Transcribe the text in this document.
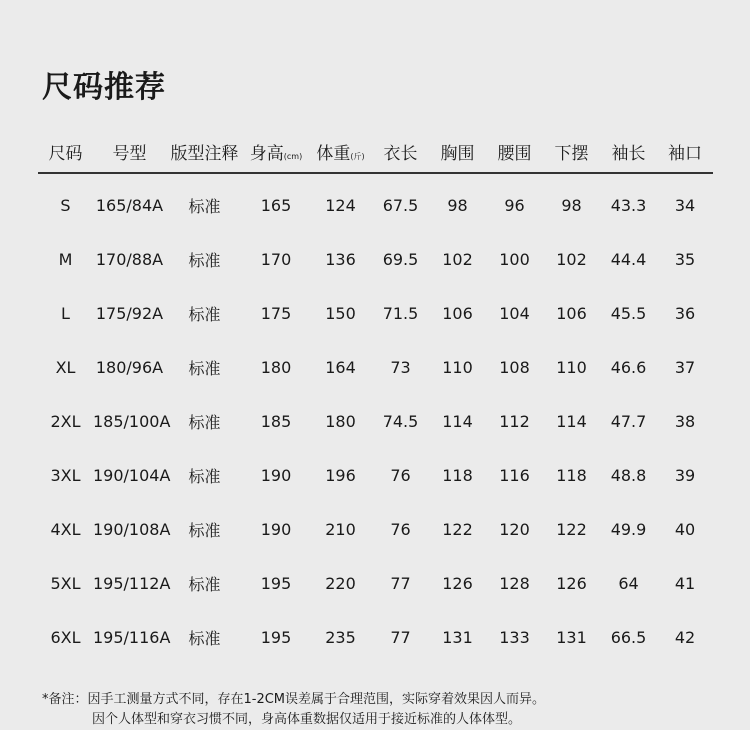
尺码推荐
尺码	号型	版型注释	身高(cm)	体重(斤)	衣长	胸围	腰围	下摆	袖长	袖口
S	165/84A	标准	165	124	67.5	98	96	98	43.3	34
M	170/88A	标准	170	136	69.5	102	100	102	44.4	35
L	175/92A	标准	175	150	71.5	106	104	106	45.5	36
XL	180/96A	标准	180	164	73	110	108	110	46.6	37
2XL	185/100A	标准	185	180	74.5	114	112	114	47.7	38
3XL	190/104A	标准	190	196	76	118	116	118	48.8	39
4XL	190/108A	标准	190	210	76	122	120	122	49.9	40
5XL	195/112A	标准	195	220	77	126	128	126	64	41
6XL	195/116A	标准	195	235	77	131	133	131	66.5	42
*备注：因手工测量方式不同，存在1-2CM误差属于合理范围，实际穿着效果因人而异。
因个人体型和穿衣习惯不同，身高体重数据仅适用于接近标准的人体体型。
